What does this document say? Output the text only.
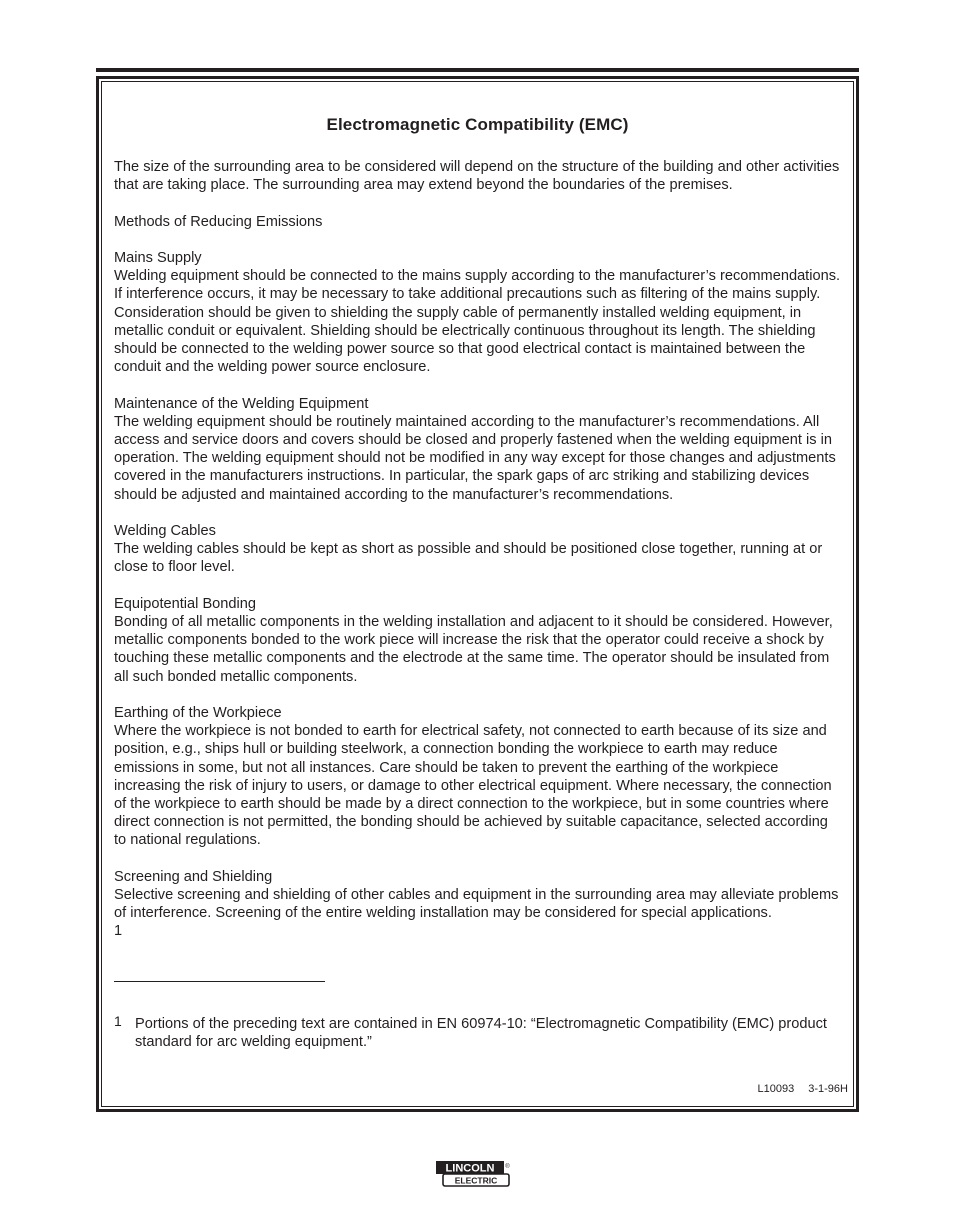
Electromagnetic Compatibility (EMC)

The size of the surrounding area to be considered will depend on the structure of the building and other activities that are taking place. The surrounding area may extend beyond the boundaries of the premises.

Methods of Reducing Emissions

Mains Supply
Welding equipment should be connected to the mains supply according to the manufacturer’s recommendations. If interference occurs, it may be necessary to take additional precautions such as filtering of the mains supply. Consideration should be given to shielding the supply cable of permanently installed welding equipment, in metallic conduit or equivalent. Shielding should be electrically continuous throughout its length. The shielding should be connected to the welding power source so that good electrical contact is maintained between the conduit and the welding power source enclosure.

Maintenance of the Welding Equipment
The welding equipment should be routinely maintained according to the manufacturer’s recommendations. All access and service doors and covers should be closed and properly fastened when the welding equipment is in operation. The welding equipment should not be modified in any way except for those changes and adjustments covered in the manufacturers instructions. In particular, the spark gaps of arc striking and stabilizing devices should be adjusted and maintained according to the manufacturer’s recommendations.

Welding Cables
The welding cables should be kept as short as possible and should be positioned close together, running at or close to floor level.

Equipotential Bonding
Bonding of all metallic components in the welding installation and adjacent to it should be considered. However, metallic components bonded to the work piece will increase the risk that the operator could receive a shock by touching these metallic components and the electrode at the same time. The operator should be insulated from all such bonded metallic components.

Earthing of the Workpiece
Where the workpiece is not bonded to earth for electrical safety, not connected to earth because of its size and position, e.g., ships hull or building steelwork, a connection bonding the workpiece to earth may reduce emissions in some, but not all instances. Care should be taken to prevent the earthing of the workpiece increasing the risk of injury to users, or damage to other electrical equipment. Where necessary, the connection of the workpiece to earth should be made by a direct connection to the workpiece, but in some countries where direct connection is not permitted, the bonding should be achieved by suitable capacitance, selected according to national regulations.

Screening and Shielding
Selective screening and shielding of other cables and equipment in the surrounding area may alleviate problems of interference. Screening of the entire welding installation may be considered for special applications.

1
1 Portions of the preceding text are contained in EN 60974-10: “Electromagnetic Compatibility (EMC) product standard for arc welding equipment.”
L10093 3-1-96H
LINCOLN ®
ELECTRIC
